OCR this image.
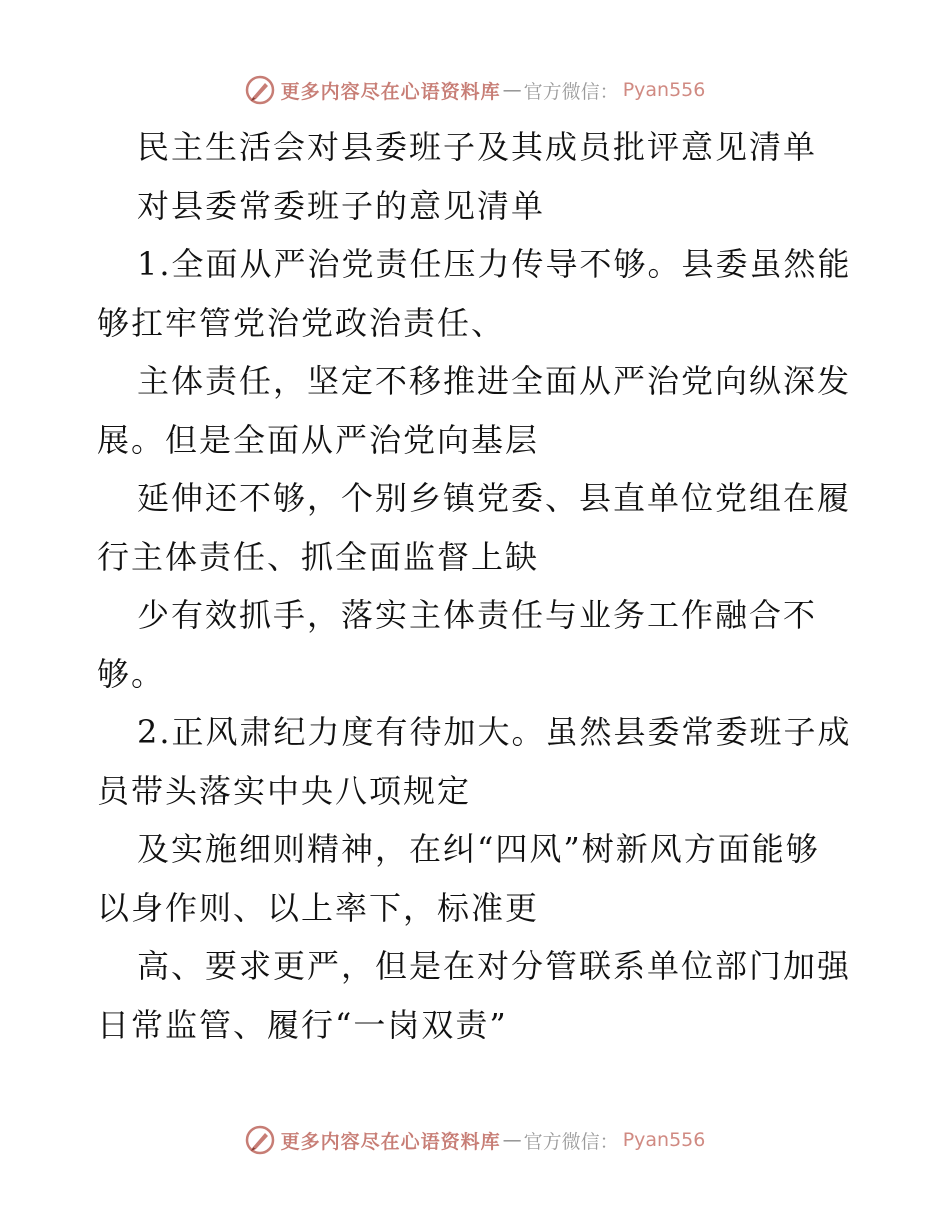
更多内容尽在心语资料库 — 官方微信： Pyan556
民主生活会对县委班子及其成员批评意见清单
对县委常委班子的意见清单
1.全面从严治党责任压力传导不够。县委虽然能
够扛牢管党治党政治责任、
主体责任，坚定不移推进全面从严治党向纵深发
展。但是全面从严治党向基层
延伸还不够，个别乡镇党委、县直单位党组在履
行主体责任、抓全面监督上缺
少有效抓手，落实主体责任与业务工作融合不
够。
2.正风肃纪力度有待加大。虽然县委常委班子成
员带头落实中央八项规定
及实施细则精神，在纠“四风”树新风方面能够
以身作则、以上率下，标准更
高、要求更严，但是在对分管联系单位部门加强
日常监管、履行“一岗双责”
更多内容尽在心语资料库 — 官方微信： Pyan556
